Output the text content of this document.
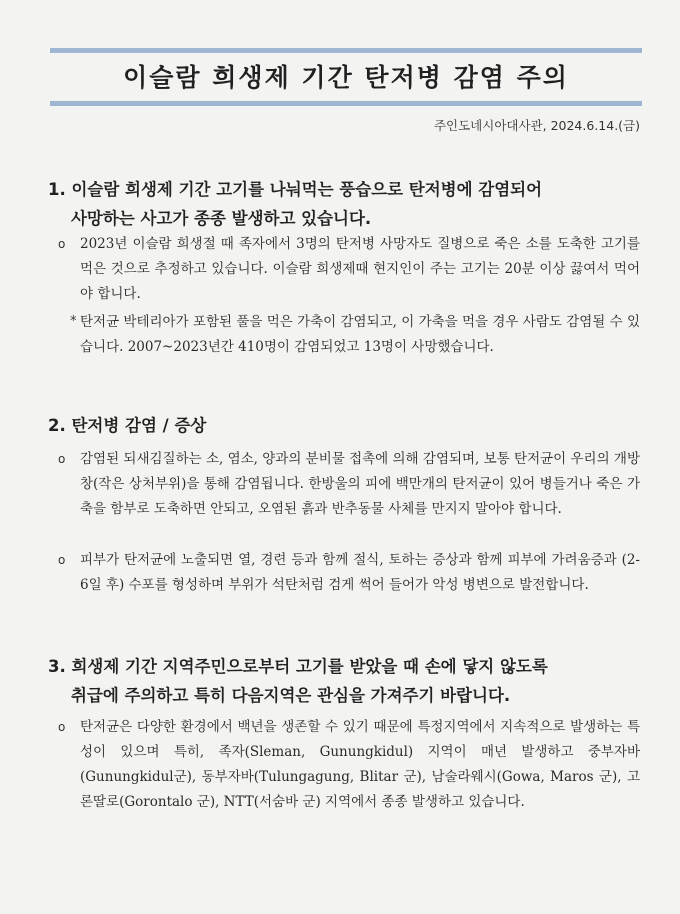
이슬람 희생제 기간 탄저병 감염 주의
주인도네시아대사관, 2024.6.14.(금)
1. 이슬람 희생제 기간 고기를 나눠먹는 풍습으로 탄저병에 감염되어
사망하는 사고가 종종 발생하고 있습니다.
o 2023년 이슬람 희생절 때 족자에서 3명의 탄저병 사망자도 질병으로 죽은 소를 도축한 고기를 먹은 것으로 추정하고 있습니다. 이슬람 희생제때 현지인이 주는 고기는 20분 이상 끓여서 먹어야 합니다.
* 탄저균 박테리아가 포함된 풀을 먹은 가축이 감염되고, 이 가축을 먹을 경우 사람도 감염될 수 있습니다. 2007~2023년간 410명이 감염되었고 13명이 사망했습니다.
2. 탄저병 감염 / 증상
o 감염된 되새김질하는 소, 염소, 양과의 분비물 접촉에 의해 감염되며, 보통 탄저균이 우리의 개방창(작은 상처부위)을 통해 감염됩니다. 한방울의 피에 백만개의 탄저균이 있어 병들거나 죽은 가축을 함부로 도축하면 안되고, 오염된 흙과 반추동물 사체를 만지지 말아야 합니다.
o 피부가 탄저균에 노출되면 열, 경련 등과 함께 절식, 토하는 증상과 함께 피부에 가려움증과 (2-6일 후) 수포를 형성하며 부위가 석탄처럼 검게 썩어 들어가 악성 병변으로 발전합니다.
3. 희생제 기간 지역주민으로부터 고기를 받았을 때 손에 닿지 않도록
취급에 주의하고 특히 다음지역은 관심을 가져주기 바랍니다.
o 탄저균은 다양한 환경에서 백년을 생존할 수 있기 때문에 특정지역에서 지속적으로 발생하는 특성이 있으며 특히, 족자(Sleman, Gunungkidul) 지역이 매년 발생하고 중부자바(Gunungkidul군), 동부자바(Tulungagung, Blitar 군), 남술라웨시(Gowa, Maros 군), 고론딸로(Gorontalo 군), NTT(서숨바 군) 지역에서 종종 발생하고 있습니다.
